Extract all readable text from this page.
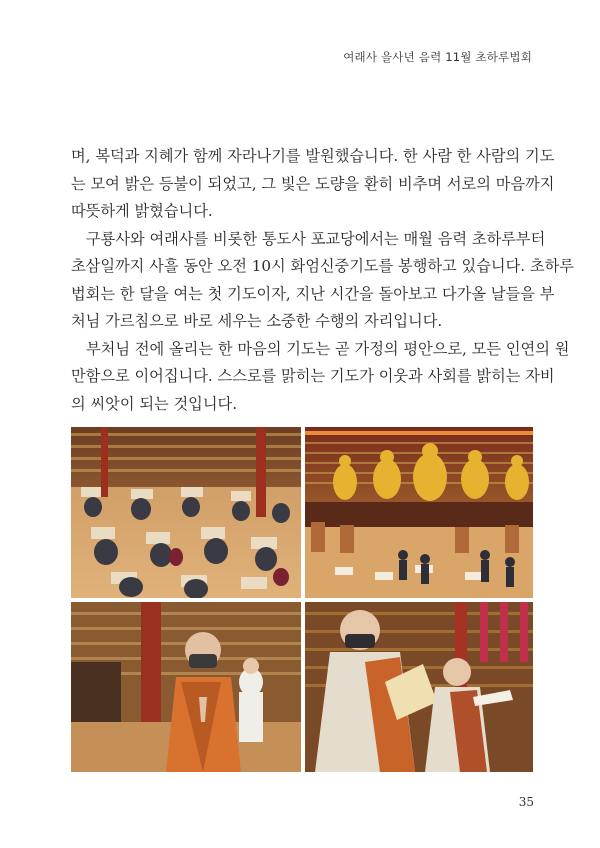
여래사 을사년 음력 11월 초하루법회

며, 복덕과 지혜가 함께 자라나기를 발원했습니다. 한 사람 한 사람의 기도
는 모여 밝은 등불이 되었고, 그 빛은 도량을 환히 비추며 서로의 마음까지
따뜻하게 밝혔습니다.

구룡사와 여래사를 비롯한 통도사 포교당에서는 매월 음력 초하루부터
초삼일까지 사흘 동안 오전 10시 화엄신중기도를 봉행하고 있습니다. 초하루
법회는 한 달을 여는 첫 기도이자, 지난 시간을 돌아보고 다가올 날들을 부
처님 가르침으로 바로 세우는 소중한 수행의 자리입니다.

부처님 전에 올리는 한 마음의 기도는 곧 가정의 평안으로, 모든 인연의 원
만함으로 이어집니다. 스스로를 맑히는 기도가 이웃과 사회를 밝히는 자비
의 씨앗이 되는 것입니다.

35
